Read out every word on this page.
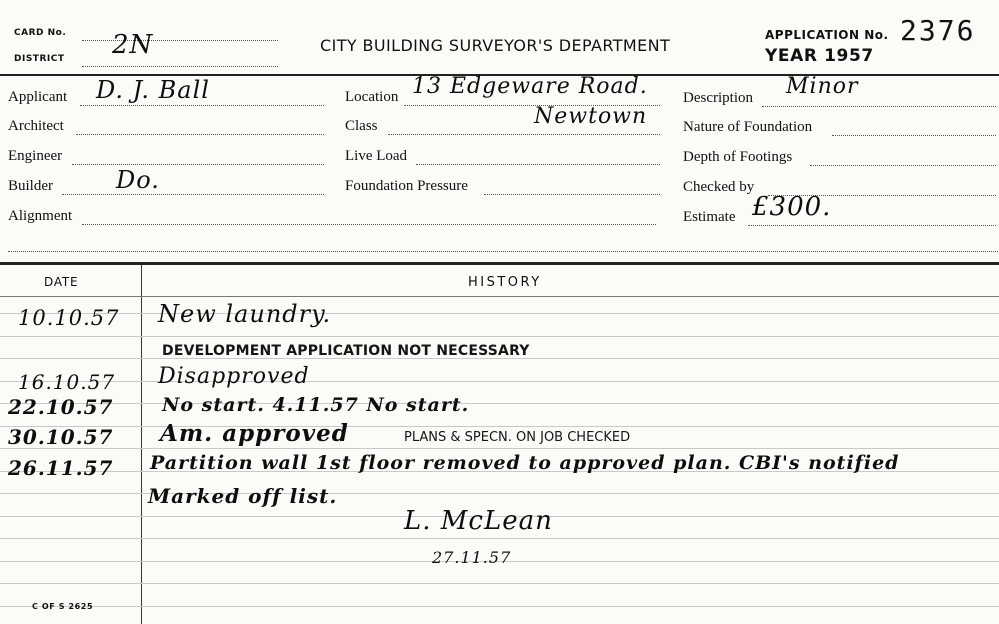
CARD No.
DISTRICT 2N	CITY BUILDING SURVEYOR'S DEPARTMENT
APPLICATION No. 2376
YEAR 1957
Applicant D. J. Ball
Architect
Engineer
Builder	Do.
Alignment
Location 13 Edgeware Road.
Class	Newtown
Live Load
Foundation Pressure
Description Minor
Nature of Foundation
Depth of Footings
Checked by
Estimate £300.
DATE	HISTORY
10.10.57 New laundry.
DEVELOPMENT APPLICATION NOT NECESSARY
16.10.57 Disapproved
22.10.57	No start. 4.11.57 No start.
30.10.57 Am. approved	PLANS & SPECN. ON JOB CHECKED
26.11.57 Partition wall 1st floor removed to approved plan. CBI's notified
Marked off list.
L. McLean
27.11.57
C OF S 2625
